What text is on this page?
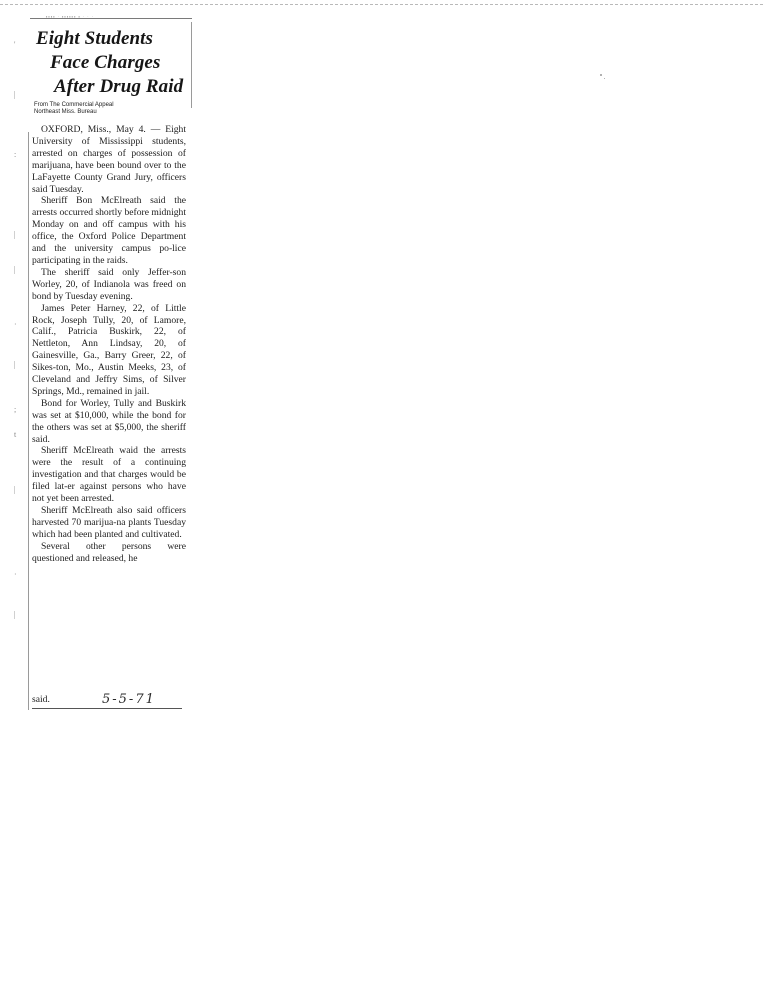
'
|
:
|
|
·
|
;
t
|
·
|
▪▪▪▪ · ▪▪▪▪▪▪ ▪ · · ·
Eight Students
Face Charges
After Drug Raid
From The Commercial Appeal
Northeast Miss. Bureau

OXFORD, Miss., May 4. — Eight University of Mississippi students, arrested on charges of possession of marijuana, have been bound over to the LaFayette County Grand Jury, officers said Tuesday.

Sheriff Bon McElreath said the arrests occurred shortly before midnight Monday on and off campus with his office, the Oxford Police Department and the university campus po-lice participating in the raids.

The sheriff said only Jeffer-son Worley, 20, of Indianola was freed on bond by Tuesday evening.

James Peter Harney, 22, of Little Rock, Joseph Tully, 20, of Lamore, Calif., Patricia Buskirk, 22, of Nettleton, Ann Lindsay, 20, of Gainesville, Ga., Barry Greer, 22, of Sikes-ton, Mo., Austin Meeks, 23, of Cleveland and Jeffry Sims, of Silver Springs, Md., remained in jail.

Bond for Worley, Tully and Buskirk was set at $10,000, while the bond for the others was set at $5,000, the sheriff said.

Sheriff McElreath waid the arrests were the result of a continuing investigation and that charges would be filed lat-er against persons who have not yet been arrested.

Sheriff McElreath also said officers harvested 70 marijua-na plants Tuesday which had been planted and cultivated.

Several other persons were questioned and released, he

said.	5-5-71
